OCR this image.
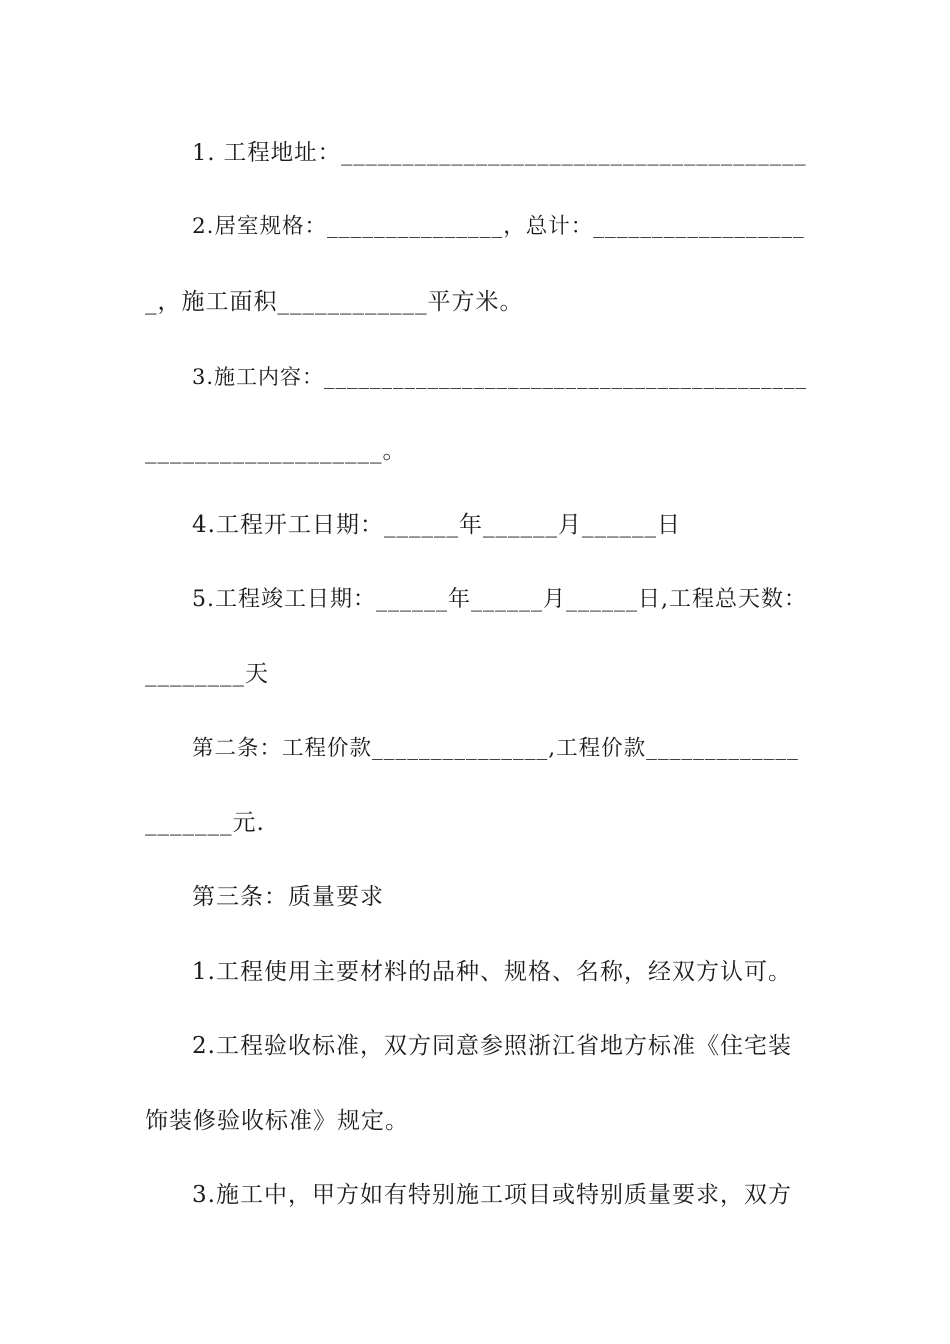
1. 工程地址：______________________________________
2.居室规格：_______________，总计：__________________
_，施工面积____________平方米。
3.施工内容：__________________________________________
___________________。
4.工程开工日期：______年______月______日
5.工程竣工日期：______年______月______日,工程总天数：
________天
第二条：工程价款_______________,工程价款_____________
_______元.
第三条：质量要求
1.工程使用主要材料的品种、规格、名称，经双方认可。
2.工程验收标准，双方同意参照浙江省地方标准《住宅装
饰装修验收标准》规定。
3.施工中，甲方如有特别施工项目或特别质量要求，双方
